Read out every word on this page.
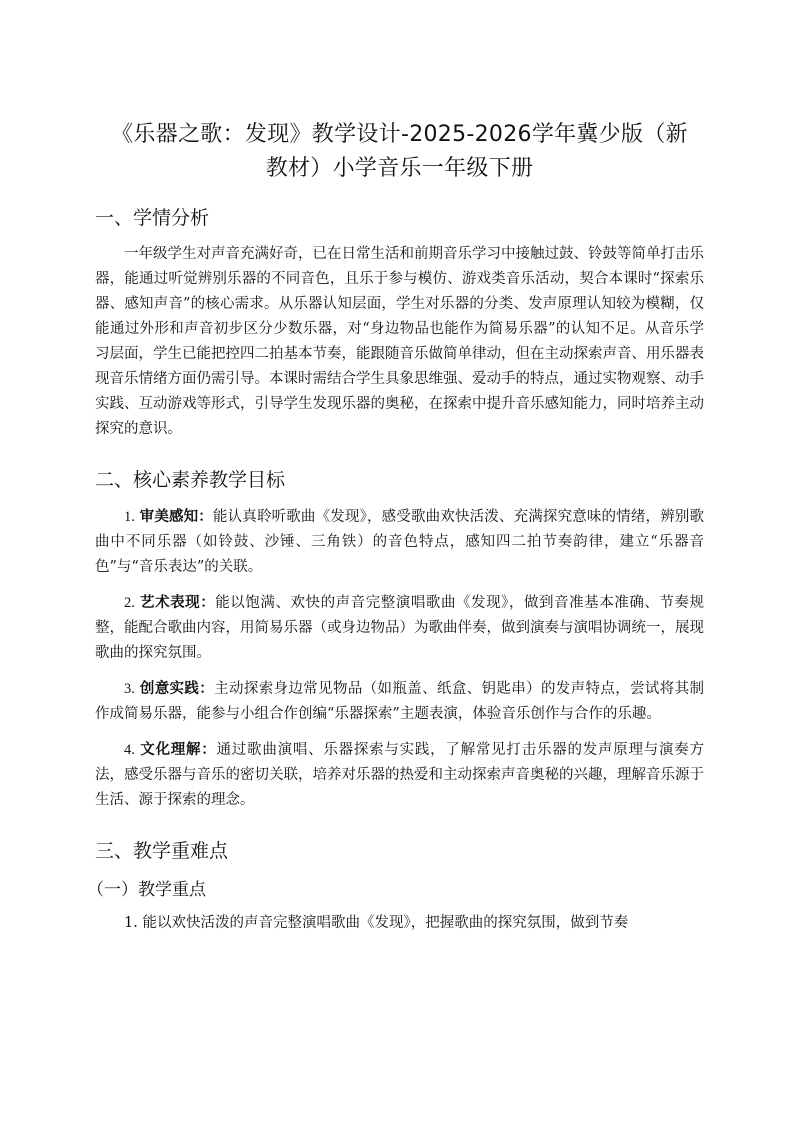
《乐器之歌：发现》教学设计-2025-2026学年冀少版（新
教材）小学音乐一年级下册
一、学情分析

一年级学生对声音充满好奇，已在日常生活和前期音乐学习中接触过鼓、铃鼓等简单打击乐器，能通过听觉辨别乐器的不同音色，且乐于参与模仿、游戏类音乐活动，契合本课时“探索乐器、感知声音”的核心需求。从乐器认知层面，学生对乐器的分类、发声原理认知较为模糊，仅能通过外形和声音初步区分少数乐器，对“身边物品也能作为简易乐器”的认知不足。从音乐学习层面，学生已能把控四二拍基本节奏，能跟随音乐做简单律动，但在主动探索声音、用乐器表现音乐情绪方面仍需引导。本课时需结合学生具象思维强、爱动手的特点，通过实物观察、动手实践、互动游戏等形式，引导学生发现乐器的奥秘，在探索中提升音乐感知能力，同时培养主动探究的意识。

二、核心素养教学目标

1. 审美感知：能认真聆听歌曲《发现》，感受歌曲欢快活泼、充满探究意味的情绪，辨别歌曲中不同乐器（如铃鼓、沙锤、三角铁）的音色特点，感知四二拍节奏韵律，建立“乐器音色”与“音乐表达”的关联。

2. 艺术表现：能以饱满、欢快的声音完整演唱歌曲《发现》，做到音准基本准确、节奏规整，能配合歌曲内容，用简易乐器（或身边物品）为歌曲伴奏，做到演奏与演唱协调统一，展现歌曲的探究氛围。

3. 创意实践：主动探索身边常见物品（如瓶盖、纸盒、钥匙串）的发声特点，尝试将其制作成简易乐器，能参与小组合作创编“乐器探索”主题表演，体验音乐创作与合作的乐趣。

4. 文化理解：通过歌曲演唱、乐器探索与实践，了解常见打击乐器的发声原理与演奏方法，感受乐器与音乐的密切关联，培养对乐器的热爱和主动探索声音奥秘的兴趣，理解音乐源于生活、源于探索的理念。

三、教学重难点
（一）教学重点

1. 能以欢快活泼的声音完整演唱歌曲《发现》，把握歌曲的探究氛围，做到节奏
